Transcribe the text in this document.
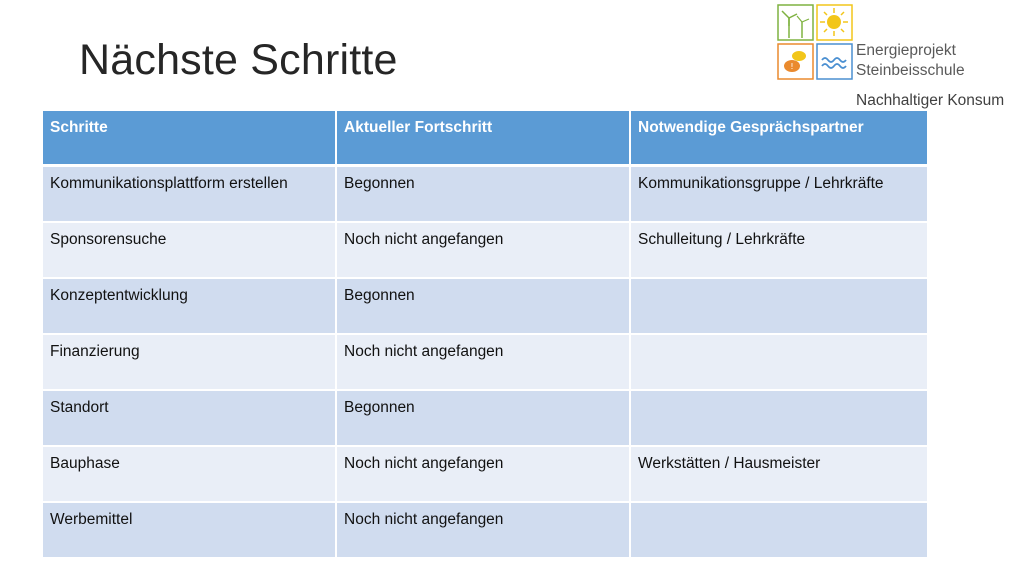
Nächste Schritte	!
Energieprojekt
Steinbeisschule
Nachhaltiger Konsum
Schritte	Aktueller Fortschritt	Notwendige Gesprächspartner
Kommunikationsplattform erstellen	Begonnen	Kommunikationsgruppe / Lehrkräfte
Sponsorensuche	Noch nicht angefangen	Schulleitung / Lehrkräfte
Konzeptentwicklung	Begonnen
Finanzierung	Noch nicht angefangen
Standort	Begonnen
Bauphase	Noch nicht angefangen	Werkstätten / Hausmeister
Werbemittel	Noch nicht angefangen
